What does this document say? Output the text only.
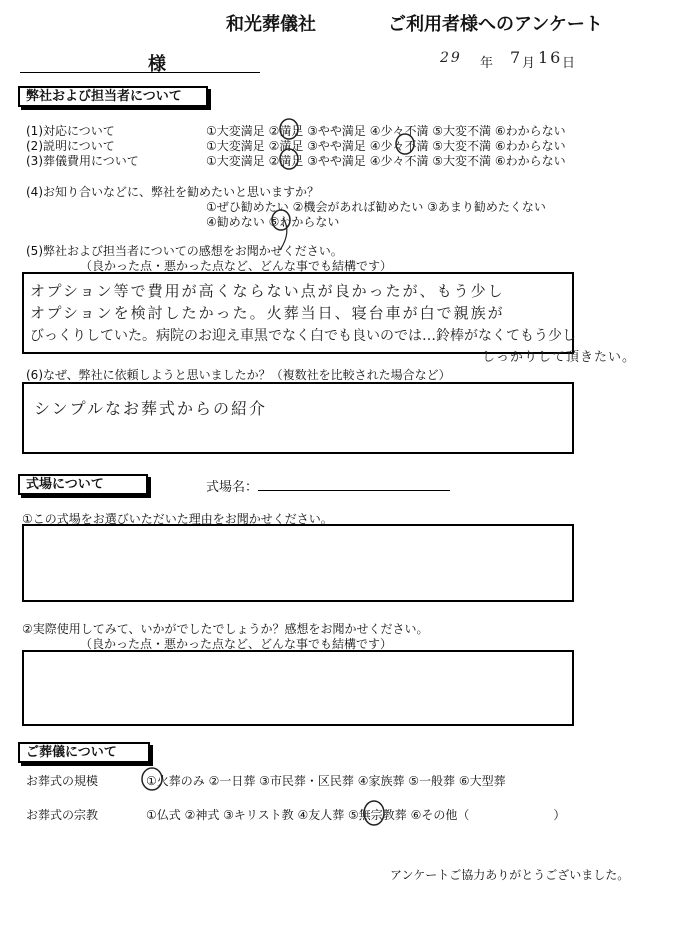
和光葬儀社	ご利用者様へのアンケート
様	29 年 7 月 16 日
弊社および担当者について
(1)対応について	①大変満足 ②満足 ③やや満足 ④少々不満 ⑤大変不満 ⑥わからない
(2)説明について	①大変満足 ②満足 ③やや満足 ④少々不満 ⑤大変不満 ⑥わからない
(3)葬儀費用について	①大変満足 ②満足 ③やや満足 ④少々不満 ⑤大変不満 ⑥わからない
(4)お知り合いなどに、弊社を勧めたいと思いますか？
①ぜひ勧めたい ②機会があれば勧めたい ③あまり勧めたくない
④勧めない ⑤わからない
(5)弊社および担当者についての感想をお聞かせください。
（良かった点・悪かった点など、どんな事でも結構です）
オプション等で費用が高くならない点が良かったが、もう少し
オプションを検討したかった。火葬当日、寝台車が白で親族が
びっくりしていた。病院のお迎え車黒でなく白でも良いのでは…鈴棒がなくてもう少し
しっかりして頂きたい。
(6)なぜ、弊社に依頼しようと思いましたか？（複数社を比較された場合など）
シンプルなお葬式からの紹介
式場について	式場名：
①この式場をお選びいただいた理由をお聞かせください。
②実際使用してみて、いかがでしたでしょうか？感想をお聞かせください。
（良かった点・悪かった点など、どんな事でも結構です）
ご葬儀について
お葬式の規模	①火葬のみ ②一日葬 ③市民葬・区民葬 ④家族葬 ⑤一般葬 ⑥大型葬
お葬式の宗教	①仏式 ②神式 ③キリスト教 ④友人葬 ⑤無宗教葬 ⑥その他（　　　　　　　）
アンケートご協力ありがとうございました。
